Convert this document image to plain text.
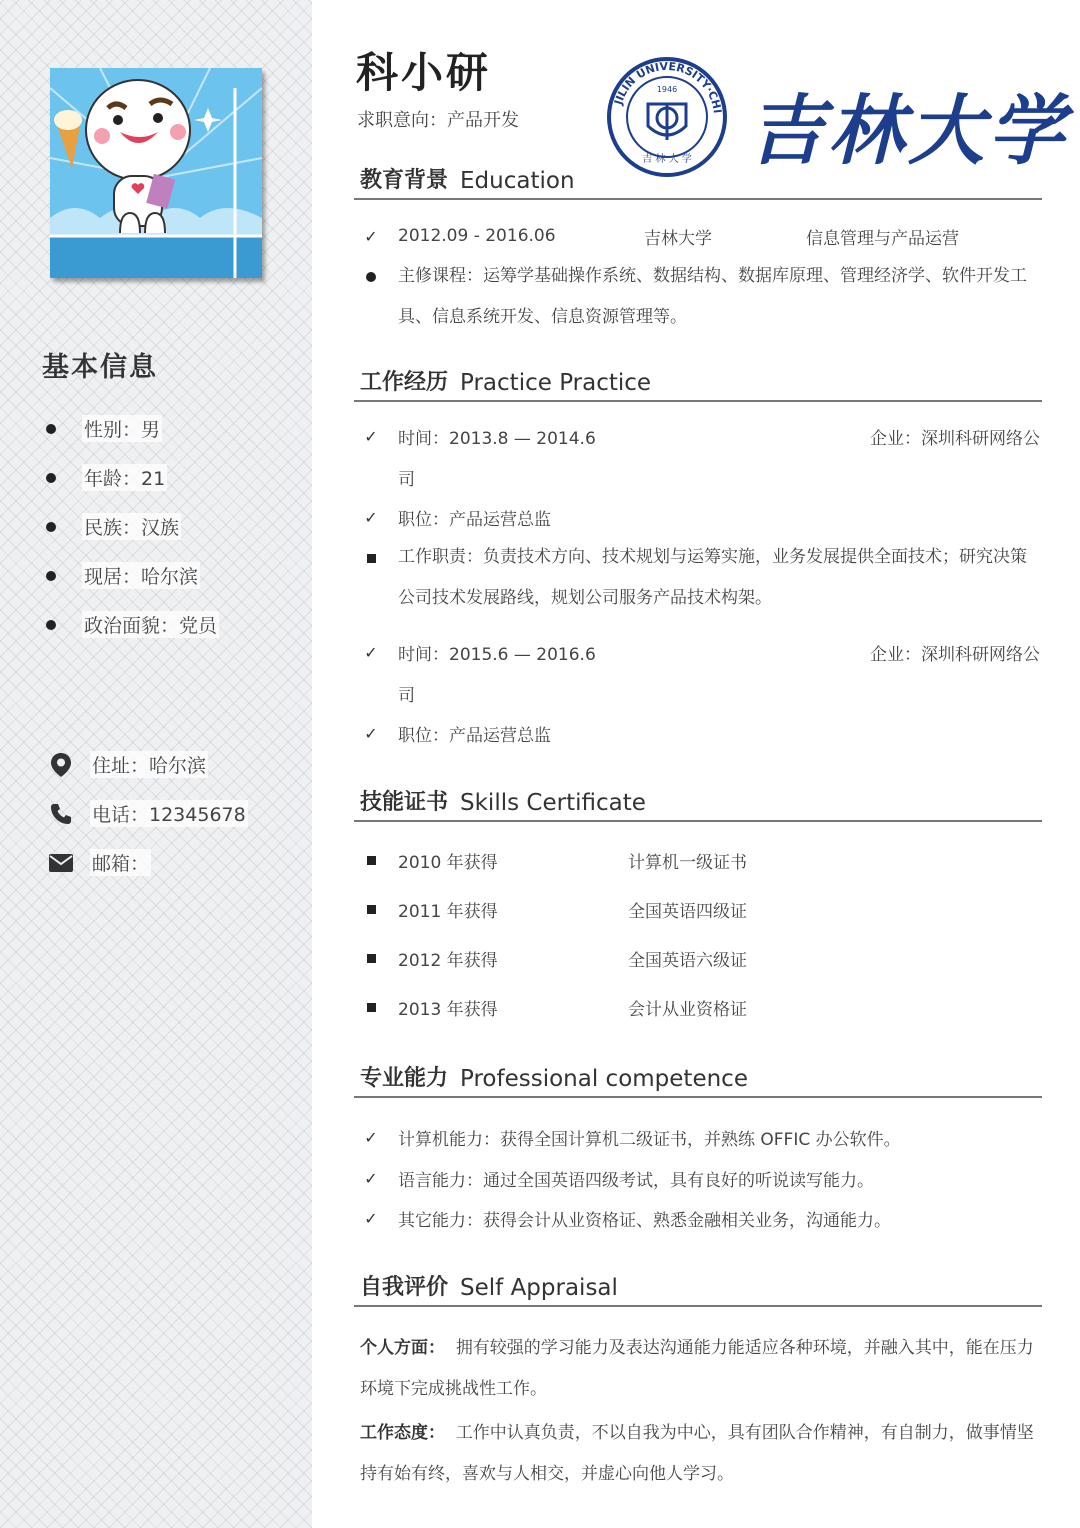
基本信息
性别：男
年龄：21
民族：汉族
现居：哈尔滨
政治面貌：党员
住址：哈尔滨
电话：12345678
邮箱：
科小研
求职意向：产品开发
JILIN UNIVERSITY·CHI
1946
吉 林 大 学 吉林大学
教育背景 Education
✓ 2012.09 - 2016.06	吉林大学	信息管理与产品运营
主修课程：运筹学基础操作系统、数据结构、数据库原理、管理经济学、软件开发工具、信息系统开发、信息资源管理等。
工作经历 Practice Practice
✓ 时间：2013.8 — 2014.6	企业：深圳科研网络公
司
✓ 职位：产品运营总监
工作职责：负责技术方向、技术规划与运筹实施，业务发展提供全面技术；研究决策公司技术发展路线，规划公司服务产品技术构架。
✓ 时间：2015.6 — 2016.6	企业：深圳科研网络公
司
✓ 职位：产品运营总监
技能证书 Skills Certificate
2010 年获得	计算机一级证书
2011 年获得	全国英语四级证
2012 年获得	全国英语六级证
2013 年获得	会计从业资格证
专业能力 Professional competence
✓ 计算机能力：获得全国计算机二级证书，并熟练 OFFIC 办公软件。
✓ 语言能力：通过全国英语四级考试，具有良好的听说读写能力。
✓ 其它能力：获得会计从业资格证、熟悉金融相关业务，沟通能力。
自我评价 Self Appraisal
个人方面： 拥有较强的学习能力及表达沟通能力能适应各种环境，并融入其中，能在压力环境下完成挑战性工作。
工作态度： 工作中认真负责，不以自我为中心，具有团队合作精神，有自制力，做事情坚持有始有终，喜欢与人相交，并虚心向他人学习。
